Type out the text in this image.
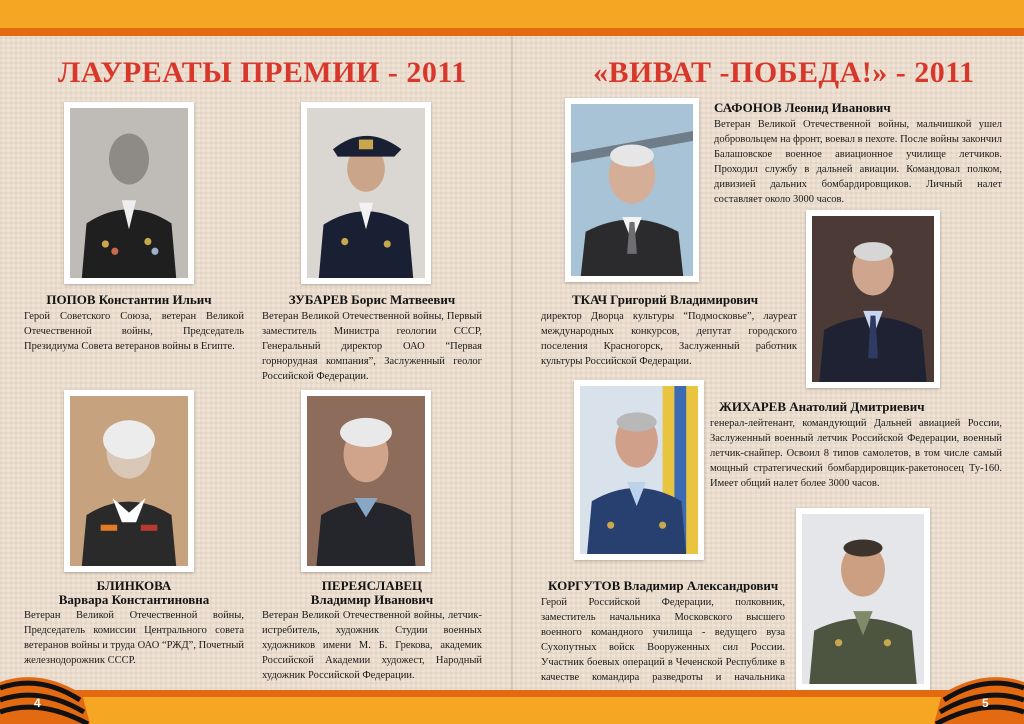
ЛАУРЕАТЫ ПРЕМИИ - 2011	«ВИВАТ -ПОБЕДА!» - 2011

ПОПОВ Константин Ильич

Герой Советского Союза, ветеран Великой Отечественной войны, Председатель Президиума Совета ветеранов войны в Египте.

ЗУБАРЕВ Борис Матвеевич

Ветеран Великой Отечественной войны, Первый заместитель Министра геологии СССР, Генеральный директор ОАО “Первая горнорудная компания”, Заслуженный геолог Российской Федерации.

БЛИНКОВА

Варвара Константиновна

Ветеран Великой Отечественной войны, Председатель комиссии Центрального совета ветеранов войны и труда ОАО “РЖД”, Почетный железнодорожник СССР.

ПЕРЕЯСЛАВЕЦ

Владимир Иванович

Ветеран Великой Отечественной войны, летчик-истребитель, художник Студии военных художников имени М. Б. Грекова, академик Российской Академии художест, Народный художник Российской Федерации.

САФОНОВ Леонид Иванович

Ветеран Великой Отечественной войны, мальчишкой ушел добровольцем на фронт, воевал в пехоте. После войны закончил Балашовское военное авиационное училище летчиков. Проходил службу в дальней авиации. Командовал полком, дивизией дальних бомбардировщиков. Личный налет составляет около 3000 часов.

ТКАЧ Григорий Владимирович

директор Дворца культуры “Подмосковье”, лауреат международных конкурсов, депутат городского поселения Красногорск, Заслуженный работник культуры Российской Федерации.

ЖИХАРЕВ Анатолий Дмитриевич

генерал-лейтенант, командующий Дальней авиацией России, Заслуженный военный летчик Российской Федерации, военный летчик-снайпер. Освоил 8 типов самолетов, в том числе самый мощный стратегический бомбардировщик-ракетоносец Ту-160. Имеет общий налет более 3000 часов.

КОРГУТОВ Владимир Александрович

Герой Российской Федерации, полковник, заместитель начальника Московского высшего военного командного училища - ведущего вуза Сухопутных войск Вооруженных сил России. Участник боевых операций в Чеченской Республике в качестве командира разведроты и начальника

4	5
